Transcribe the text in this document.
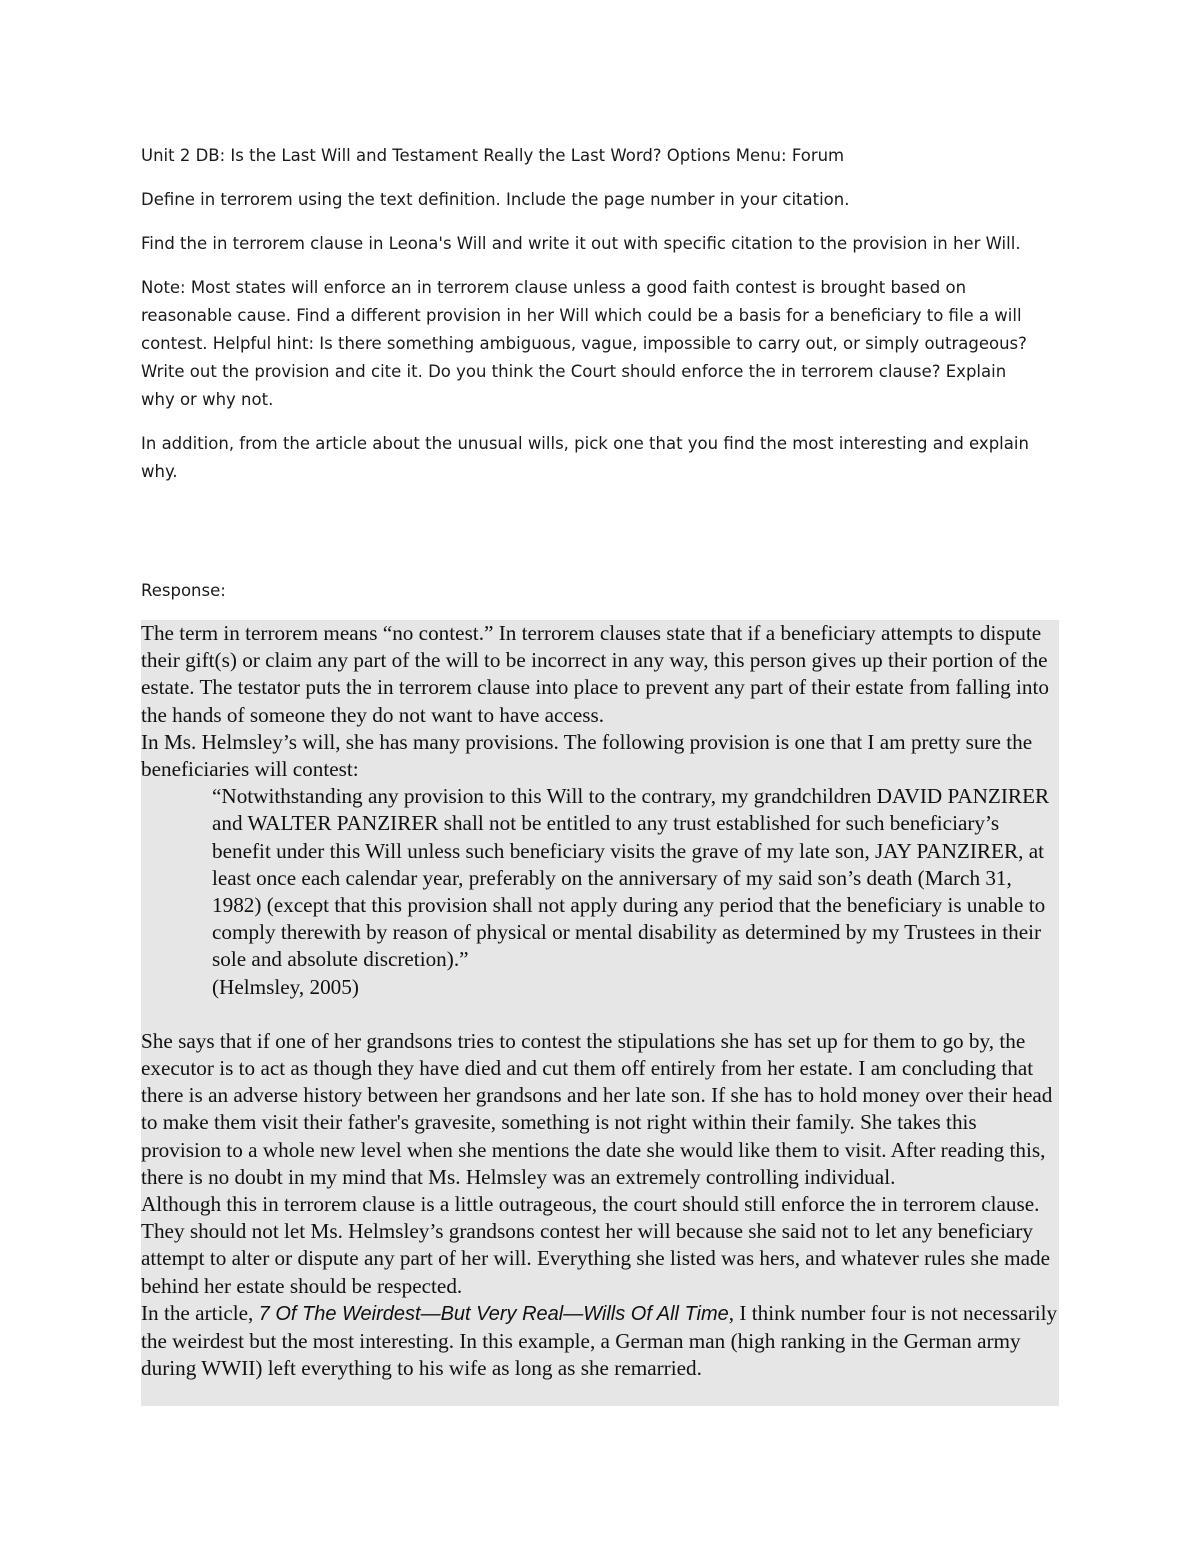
Unit 2 DB: Is the Last Will and Testament Really the Last Word? Options Menu: Forum

Define in terrorem using the text definition. Include the page number in your citation.

Find the in terrorem clause in Leona's Will and write it out with specific citation to the provision in her Will.

Note: Most states will enforce an in terrorem clause unless a good faith contest is brought based on reasonable cause. Find a different provision in her Will which could be a basis for a beneficiary to file a will contest. Helpful hint: Is there something ambiguous, vague, impossible to carry out, or simply outrageous? Write out the provision and cite it. Do you think the Court should enforce the in terrorem clause? Explain why or why not.

In addition, from the article about the unusual wills, pick one that you find the most interesting and explain why.

Response:

The term in terrorem means “no contest.” In terrorem clauses state that if a beneficiary attempts to dispute their gift(s) or claim any part of the will to be incorrect in any way, this person gives up their portion of the estate. The testator puts the in terrorem clause into place to prevent any part of their estate from falling into the hands of someone they do not want to have access.

In Ms. Helmsley’s will, she has many provisions. The following provision is one that I am pretty sure the beneficiaries will contest:

“Notwithstanding any provision to this Will to the contrary, my grandchildren DAVID PANZIRER and WALTER PANZIRER shall not be entitled to any trust established for such beneficiary’s benefit under this Will unless such beneficiary visits the grave of my late son, JAY PANZIRER, at least once each calendar year, preferably on the anniversary of my said son’s death (March 31, 1982) (except that this provision shall not apply during any period that the beneficiary is unable to comply therewith by reason of physical or mental disability as determined by my Trustees in their sole and absolute discretion).”

(Helmsley, 2005)

She says that if one of her grandsons tries to contest the stipulations she has set up for them to go by, the executor is to act as though they have died and cut them off entirely from her estate. I am concluding that there is an adverse history between her grandsons and her late son. If she has to hold money over their head to make them visit their father's gravesite, something is not right within their family. She takes this provision to a whole new level when she mentions the date she would like them to visit. After reading this, there is no doubt in my mind that Ms. Helmsley was an extremely controlling individual.

Although this in terrorem clause is a little outrageous, the court should still enforce the in terrorem clause. They should not let Ms. Helmsley’s grandsons contest her will because she said not to let any beneficiary attempt to alter or dispute any part of her will. Everything she listed was hers, and whatever rules she made behind her estate should be respected.

In the article, 7 Of The Weirdest—But Very Real—Wills Of All Time, I think number four is not necessarily the weirdest but the most interesting. In this example, a German man (high ranking in the German army during WWII) left everything to his wife as long as she remarried.
